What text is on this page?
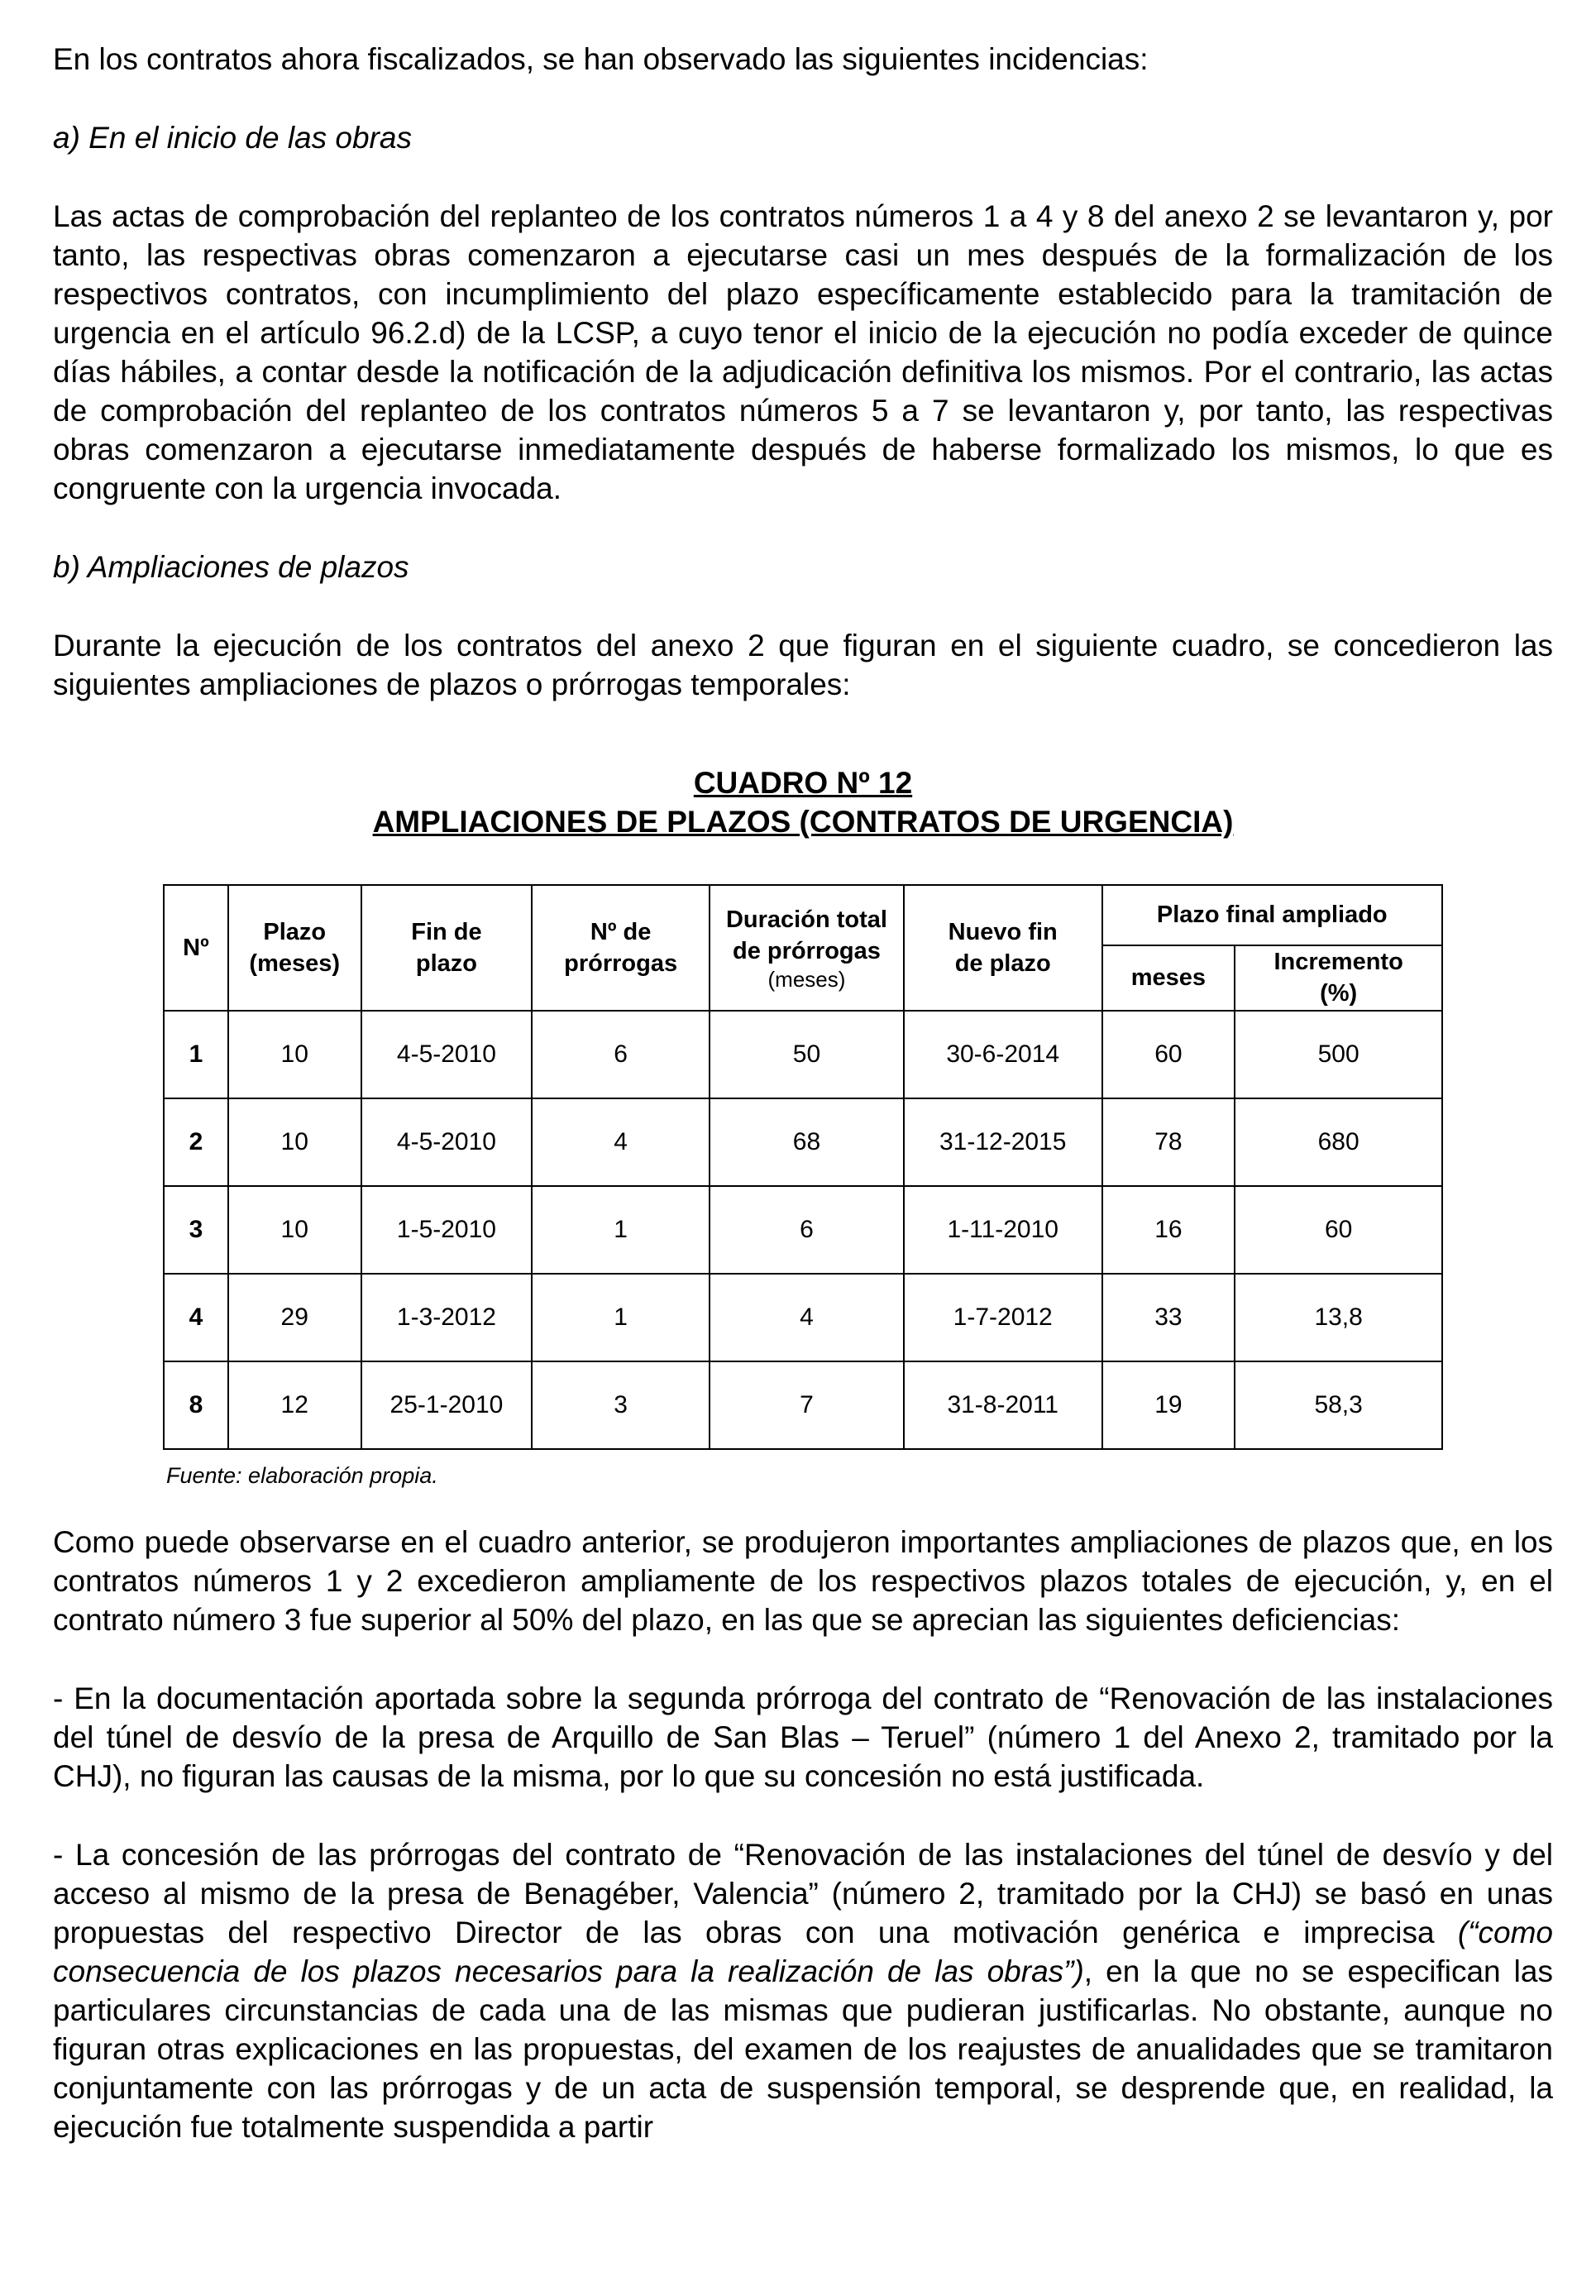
En los contratos ahora fiscalizados, se han observado las siguientes incidencias:

a) En el inicio de las obras

Las actas de comprobación del replanteo de los contratos números 1 a 4 y 8 del anexo 2 se levantaron y, por tanto, las respectivas obras comenzaron a ejecutarse casi un mes después de la formalización de los respectivos contratos, con incumplimiento del plazo específicamente establecido para la tramitación de urgencia en el artículo 96.2.d) de la LCSP, a cuyo tenor el inicio de la ejecución no podía exceder de quince días hábiles, a contar desde la notificación de la adjudicación definitiva los mismos. Por el contrario, las actas de comprobación del replanteo de los contratos números 5 a 7 se levantaron y, por tanto, las respectivas obras comenzaron a ejecutarse inmediatamente después de haberse formalizado los mismos, lo que es congruente con la urgencia invocada.

b) Ampliaciones de plazos

Durante la ejecución de los contratos del anexo 2 que figuran en el siguiente cuadro, se concedieron las siguientes ampliaciones de plazos o prórrogas temporales:

CUADRO Nº 12
AMPLIACIONES DE PLAZOS (CONTRATOS DE URGENCIA)
Nº	Plazo (meses)	Fin de plazo	Nº de prórrogas	Duración total de prórrogas
(meses)	Nuevo fin de plazo	Plazo final ampliado	
						meses	Incremento (%)
1	10	4-5-2010	6	50	30-6-2014	60	500
2	10	4-5-2010	4	68	31-12-2015	78	680
3	10	1-5-2010	1	6	1-11-2010	16	60
4	29	1-3-2012	1	4	1-7-2012	33	13,8
8	12	25-1-2010	3	7	31-8-2011	19	58,3
Fuente: elaboración propia.

Como puede observarse en el cuadro anterior, se produjeron importantes ampliaciones de plazos que, en los contratos números 1 y 2 excedieron ampliamente de los respectivos plazos totales de ejecución, y, en el contrato número 3 fue superior al 50% del plazo, en las que se aprecian las siguientes deficiencias:

- En la documentación aportada sobre la segunda prórroga del contrato de “Renovación de las instalaciones del túnel de desvío de la presa de Arquillo de San Blas – Teruel” (número 1 del Anexo 2, tramitado por la CHJ), no figuran las causas de la misma, por lo que su concesión no está justificada.

- La concesión de las prórrogas del contrato de “Renovación de las instalaciones del túnel de desvío y del acceso al mismo de la presa de Benagéber, Valencia” (número 2, tramitado por la CHJ) se basó en unas propuestas del respectivo Director de las obras con una motivación genérica e imprecisa (“como consecuencia de los plazos necesarios para la realización de las obras”), en la que no se especifican las particulares circunstancias de cada una de las mismas que pudieran justificarlas. No obstante, aunque no figuran otras explicaciones en las propuestas, del examen de los reajustes de anualidades que se tramitaron conjuntamente con las prórrogas y de un acta de suspensión temporal, se desprende que, en realidad, la ejecución fue totalmente suspendida a partir
